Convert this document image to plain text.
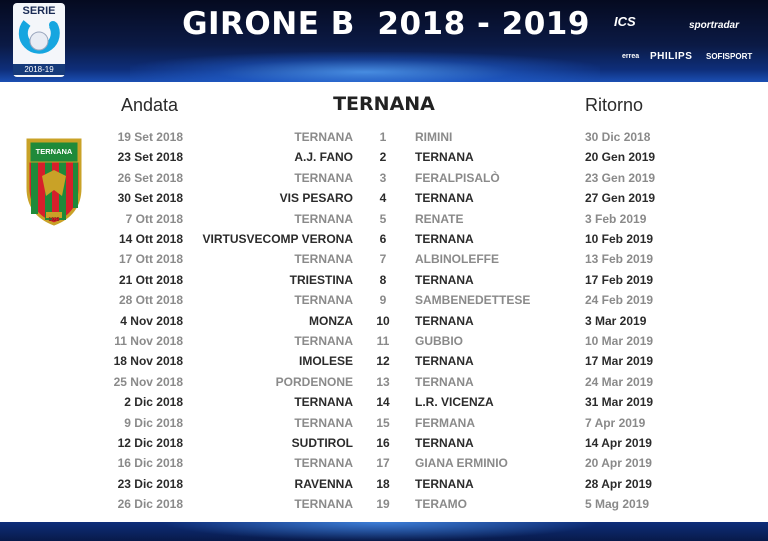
SERIE
2018-19
GIRONE B  2018 - 2019	ICS	sportradar
errea PHILIPS SOFISPORT
Andata	TERNANA	Ritorno
TERNANA
1925
19 Set 2018	TERNANA	1	RIMINI	30 Dic 2018
23 Set 2018	A.J. FANO	2	TERNANA	20 Gen 2019
26 Set 2018	TERNANA	3	FERALPISALÒ	23 Gen 2019
30 Set 2018	VIS PESARO	4	TERNANA	27 Gen 2019
7 Ott 2018	TERNANA	5	RENATE	3 Feb 2019
14 Ott 2018	VIRTUSVECOMP VERONA	6	TERNANA	10 Feb 2019
17 Ott 2018	TERNANA	7	ALBINOLEFFE	13 Feb 2019
21 Ott 2018	TRIESTINA	8	TERNANA	17 Feb 2019
28 Ott 2018	TERNANA	9	SAMBENEDETTESE	24 Feb 2019
4 Nov 2018	MONZA	10	TERNANA	3 Mar 2019
11 Nov 2018	TERNANA	11	GUBBIO	10 Mar 2019
18 Nov 2018	IMOLESE	12	TERNANA	17 Mar 2019
25 Nov 2018	PORDENONE	13	TERNANA	24 Mar 2019
2 Dic 2018	TERNANA	14	L.R. VICENZA	31 Mar 2019
9 Dic 2018	TERNANA	15	FERMANA	7 Apr 2019
12 Dic 2018	SUDTIROL	16	TERNANA	14 Apr 2019
16 Dic 2018	TERNANA	17	GIANA ERMINIO	20 Apr 2019
23 Dic 2018	RAVENNA	18	TERNANA	28 Apr 2019
26 Dic 2018	TERNANA	19	TERAMO	5 Mag 2019
